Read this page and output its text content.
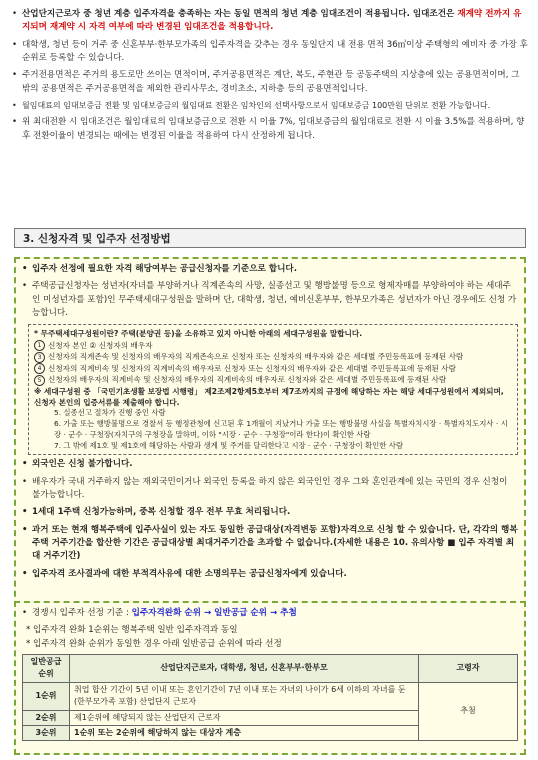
• 산업단지근로자 중 청년 계층 입주자격을 충족하는 자는 동일 면적의 청년 계층 임대조건이 적용됩니다. 임대조건은 재계약 전까지 유지되며 재계약 시 자격 여부에 따라 변경된 임대조건을 적용합니다.
• 대학생, 청년 등이 거주 중 신혼부부·한부모가족의 입주자격을 갖추는 경우 동일단지 내 전용 면적 36㎡이상 주택형의 예비자 중 가장 후순위로 등록할 수 있습니다.
• 주거전용면적은 주거의 용도로만 쓰이는 면적이며, 주거공용면적은 계단, 복도, 주현관 등 공동주택의 지상층에 있는 공용면적이며, 그 밖의 공용면적은 주거공용면적을 제외한 관리사무소, 경비초소, 지하층 등의 공용면적입니다.
• 월임대료의 임대보증금 전환 및 임대보증금의 월임대료 전환은 임차인의 선택사항으로서 임대보증금 100만원 단위로 전환 가능합니다.
• 위 최대전환 시 임대조건은 월임대료의 임대보증금으로 전환 시 이율 7%, 임대보증금의 월임대료로 전환 시 이율 3.5%를 적용하며, 향후 전환이율이 변경되는 때에는 변경된 이율을 적용하여 다시 산정하게 됩니다.
3. 신청자격 및 입주자 선정방법
• 입주자 선정에 필요한 자격 해당여부는 공급신청자를 기준으로 합니다.
• 주택공급신청자는 성년자(자녀를 부양하거나 직계존속의 사망, 실종선고 및 행방불명 등으로 형제자매를 부양하여야 하는 세대주인 미성년자를 포함)인 무주택세대구성원을 말하며 단, 대학생, 청년, 예비신혼부부, 한부모가족은 성년자가 아닌 경우에도 신청 가능합니다.
* 무주택세대구성원이란? 주택(분양권 등)을 소유하고 있지 아니한 아래의 세대구성원을 말합니다.
1 신청자 본인 ② 신청자의 배우자
3 신청자의 직계존속 및 신청자의 배우자의 직계존속으로 신청자 또는 신청자의 배우자와 같은 세대별 주민등록표에 등재된 사람
4 신청자의 직계비속 및 신청자의 직계비속의 배우자로 신청자 또는 신청자의 배우자와 같은 세대별 주민등록표에 등재된 사람
5 신청자의 배우자의 직계비속 및 신청자의 배우자의 직계비속의 배우자로 신청자와 같은 세대별 주민등록표에 등재된 사람
※ 세대구성원 중 「국민기초생활 보장법 시행령」 제2조제2항제5호부터 제7조까지의 규정에 해당하는 자는 해당 세대구성원에서 제외되며, 신청자 본인의 입증서류를 제출해야 합니다.
5. 실종선고 절차가 진행 중인 사람
6. 가출 또는 행방불명으로 경찰서 등 행정관청에 신고된 후 1개월이 지났거나 가출 또는 행방불명 사실을 특별자치시장 · 특별자치도지사 · 시장 · 군수 · 구청장(자치구의 구청장을 말하며, 이하 "시장 · 군수 · 구청장"이라 한다)이 확인한 사람
7. 그 밖에 제1호 및 제1호에 해당하는 사람과 생계 및 주거를 달리한다고 시장 · 군수 · 구청장이 확인한 사람
• 외국인은 신청 불가합니다.
• 배우자가 국내 거주하지 않는 재외국민이거나 외국인 등록을 하지 않은 외국인인 경우 그와 혼인관계에 있는 국민의 경우 신청이 불가능합니다.
• 1세대 1주택 신청가능하며, 중복 신청할 경우 전부 무효 처리됩니다.
• 과거 또는 현재 행복주택에 입주사실이 있는 자도 동일한 공급대상(자격변동 포함)자격으로 신청 할 수 있습니다. 단, 각각의 행복주택 거주기간을 합산한 기간은 공급대상별 최대거주기간을 초과할 수 없습니다.(자세한 내용은 10. 유의사항 ■ 입주 자격별 최대 거주기간)
• 입주자격 조사결과에 대한 부적격사유에 대한 소명의무는 공급신청자에게 있습니다.
• 경쟁시 입주자 선정 기준 : 입주자격완화 순위 → 일반공급 순위 → 추첨
* 입주자격 완화 1순위는 행복주택 일반 입주자격과 동일
* 입주자격 완화 순위가 동일한 경우 아래 일반공급 순위에 따라 선정
일반공급 순위	산업단지근로자, 대학생, 청년, 신혼부부·한부모	고령자
1순위	취업 합산 기간이 5년 이내 또는 혼인기간이 7년 이내 또는 자녀의 나이가 6세 이하의 자녀를 둔(한부모가족 포함) 산업단지 근로자	추첨
2순위	제1순위에 해당되지 않는 산업단지 근로자	
3순위	1순위 또는 2순위에 해당하지 않는 대상자 계층	
